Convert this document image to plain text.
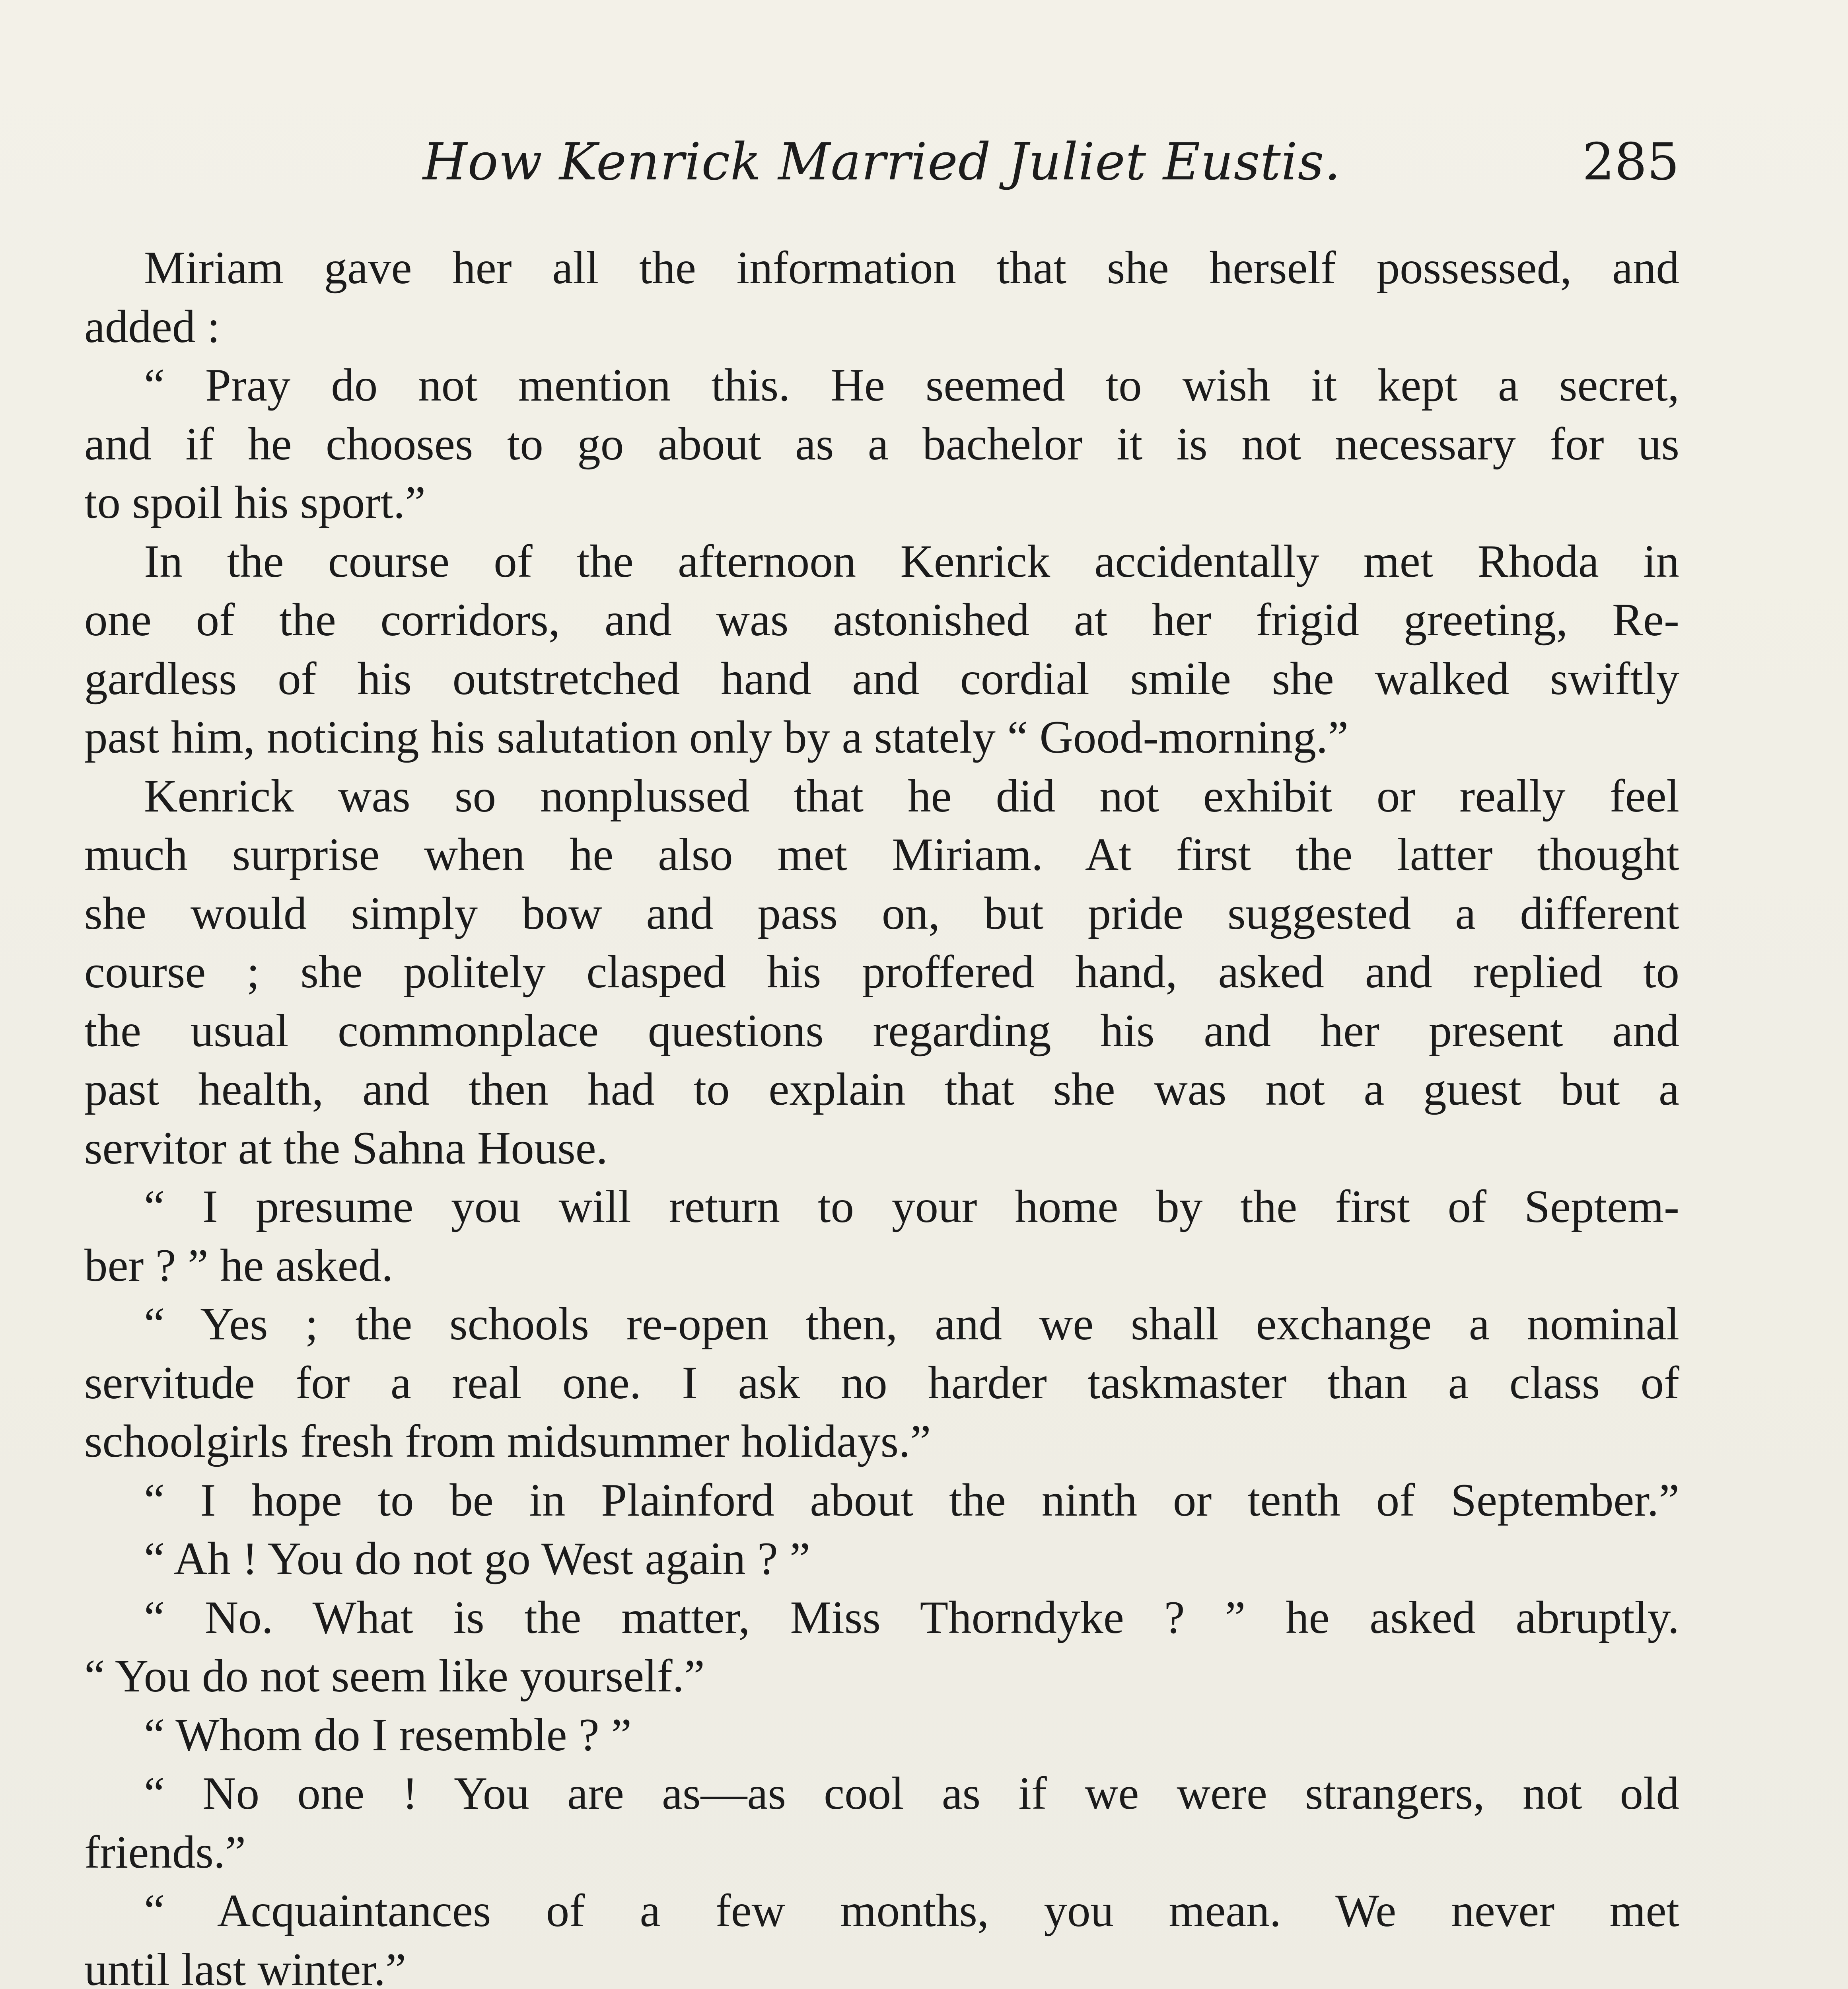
How Kenrick Married Juliet Eustis.	285
Miriam gave her all the information that she herself possessed, and
added :
“ Pray do not mention this. He seemed to wish it kept a secret,
and if he chooses to go about as a bachelor it is not necessary for us
to spoil his sport.”
In the course of the afternoon Kenrick accidentally met Rhoda in
one of the corridors, and was astonished at her frigid greeting, Re-
gardless of his outstretched hand and cordial smile she walked swiftly
past him, noticing his salutation only by a stately “ Good-morning.”
Kenrick was so nonplussed that he did not exhibit or really feel
much surprise when he also met Miriam. At first the latter thought
she would simply bow and pass on, but pride suggested a different
course ; she politely clasped his proffered hand, asked and replied to
the usual commonplace questions regarding his and her present and
past health, and then had to explain that she was not a guest but a
servitor at the Sahna House.
“ I presume you will return to your home by the first of Septem-
ber ? ” he asked.
“ Yes ; the schools re-open then, and we shall exchange a nominal
servitude for a real one. I ask no harder taskmaster than a class of
schoolgirls fresh from midsummer holidays.”
“ I hope to be in Plainford about the ninth or tenth of September.”
“ Ah ! You do not go West again ? ”
“ No. What is the matter, Miss Thorndyke ? ” he asked abruptly.
“ You do not seem like yourself.”
“ Whom do I resemble ? ”
“ No one ! You are as—as cool as if we were strangers, not old
friends.”
“ Acquaintances of a few months, you mean. We never met
until last winter.”
